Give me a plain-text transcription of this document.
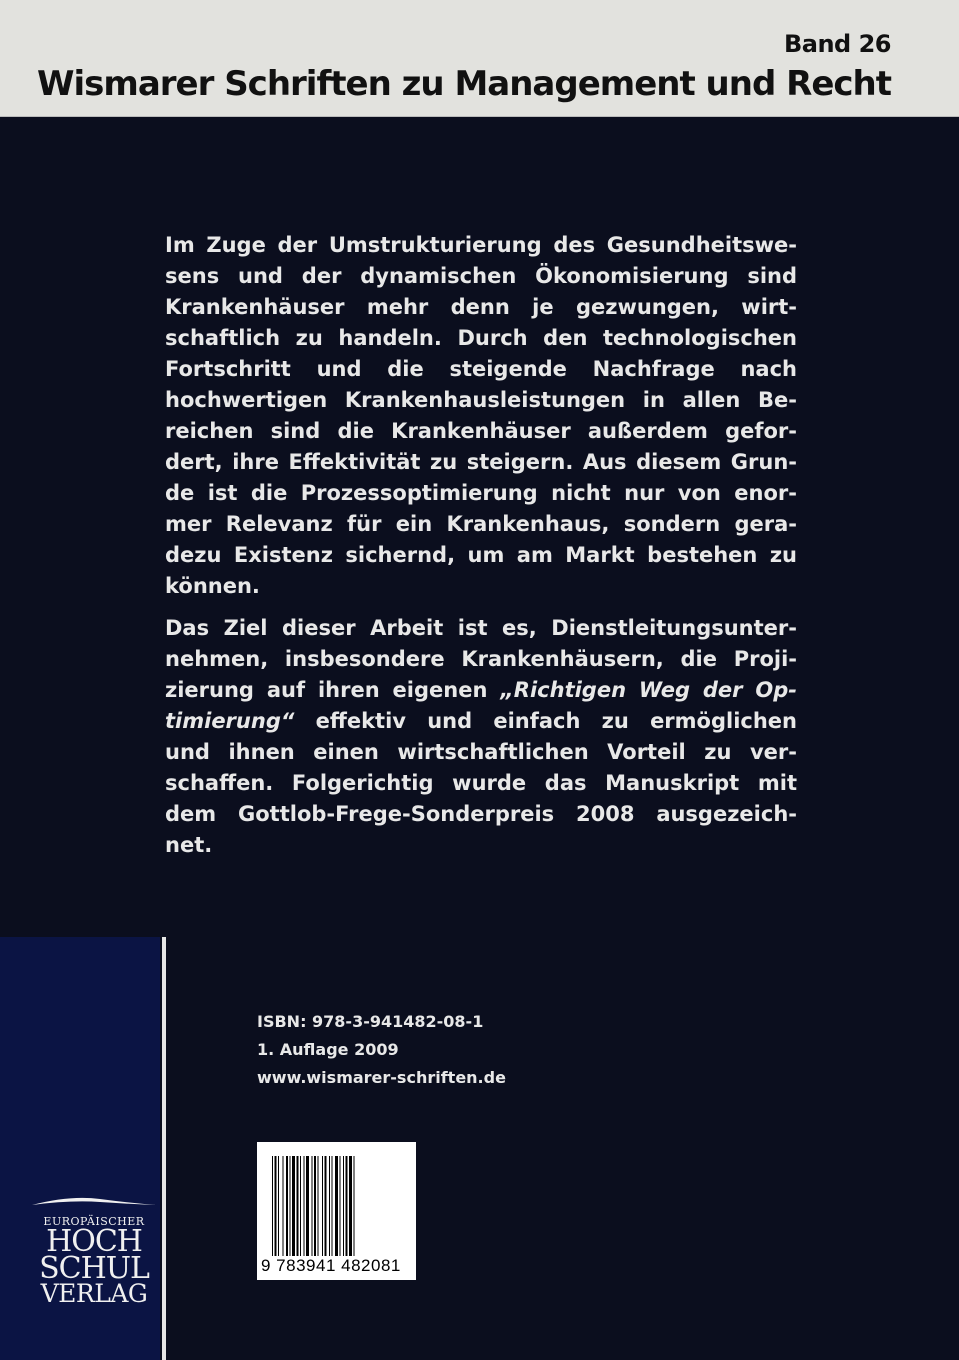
Band 26
Wismarer Schriften zu Management und Recht
Im Zuge der Umstrukturierung des Gesundheitswe-
sens und der dynamischen Ökonomisierung sind
Krankenhäuser mehr denn je gezwungen, wirt-
schaftlich zu handeln. Durch den technologischen
Fortschritt und die steigende Nachfrage nach
hochwertigen Krankenhausleistungen in allen Be-
reichen sind die Krankenhäuser außerdem gefor-
dert, ihre Effektivität zu steigern. Aus diesem Grun-
de ist die Prozessoptimierung nicht nur von enor-
mer Relevanz für ein Krankenhaus, sondern gera-
dezu Existenz sichernd, um am Markt bestehen zu
können.
Das Ziel dieser Arbeit ist es, Dienstleitungsunter-
nehmen, insbesondere Krankenhäusern, die Proji-
zierung auf ihren eigenen „Richtigen Weg der Op-
timierung“ effektiv und einfach zu ermöglichen
und ihnen einen wirtschaftlichen Vorteil zu ver-
schaffen. Folgerichtig wurde das Manuskript mit
dem Gottlob-Frege-Sonderpreis 2008 ausgezeich-
net.
EUROPÄISCHER
HOCH
SCHUL
VERLAG
ISBN: 978-3-941482-08-1
1. Auflage 2009
www.wismarer-schriften.de
9 783941 482081
